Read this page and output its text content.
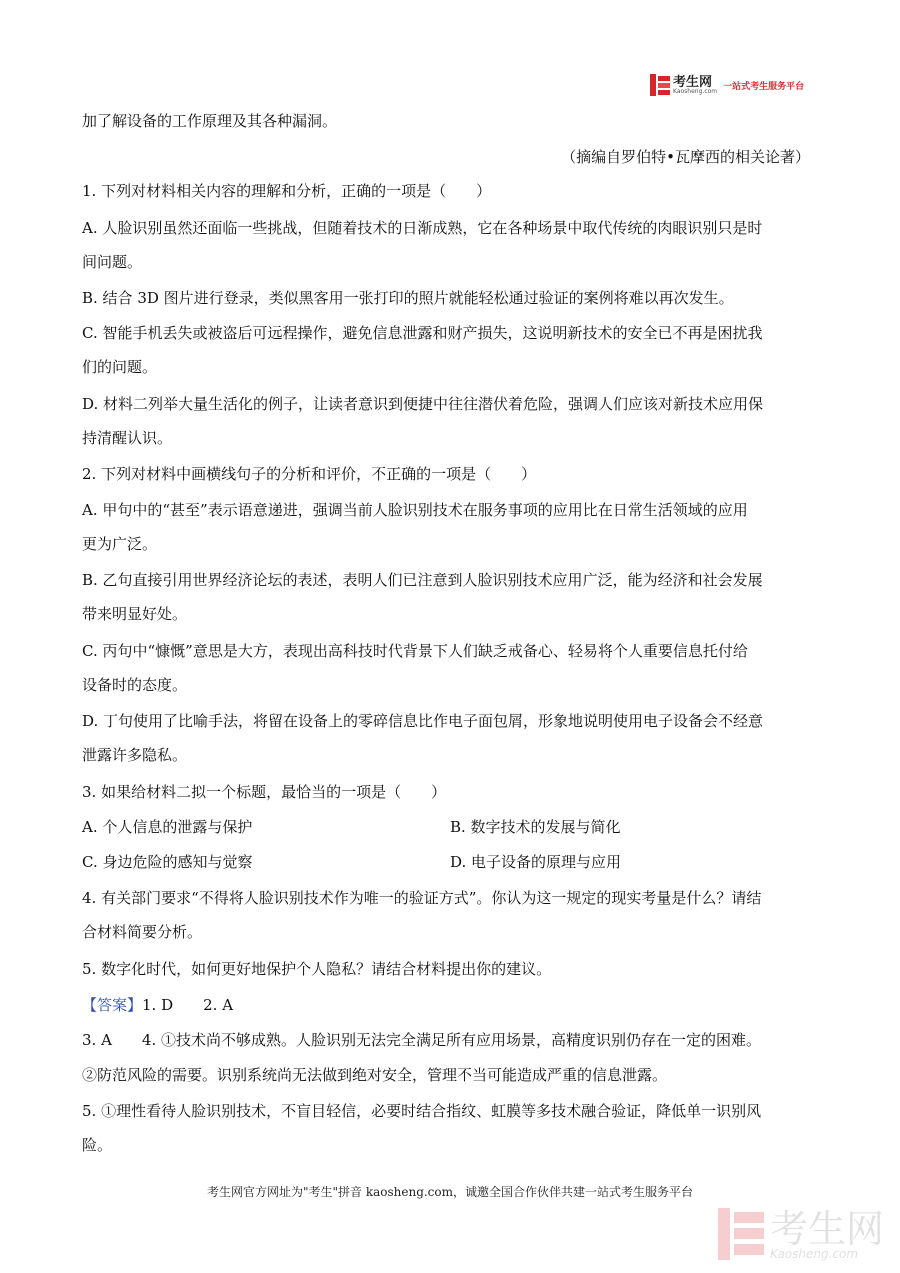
考生网
Kaosheng.com 一站式考生服务平台
加了解设备的工作原理及其各种漏洞。
（摘编自罗伯特•瓦摩西的相关论著）
1. 下列对材料相关内容的理解和分析，正确的一项是（　　）
A. 人脸识别虽然还面临一些挑战，但随着技术的日渐成熟，它在各种场景中取代传统的肉眼识别只是时
间问题。
B. 结合 3D 图片进行登录，类似黑客用一张打印的照片就能轻松通过验证的案例将难以再次发生。
C. 智能手机丢失或被盗后可远程操作，避免信息泄露和财产损失，这说明新技术的安全已不再是困扰我
们的问题。
D. 材料二列举大量生活化的例子，让读者意识到便捷中往往潜伏着危险，强调人们应该对新技术应用保
持清醒认识。
2. 下列对材料中画横线句子的分析和评价，不正确的一项是（　　）
A. 甲句中的“甚至”表示语意递进，强调当前人脸识别技术在服务事项的应用比在日常生活领域的应用
更为广泛。
B. 乙句直接引用世界经济论坛的表述，表明人们已注意到人脸识别技术应用广泛，能为经济和社会发展
带来明显好处。
C. 丙句中“慷慨”意思是大方，表现出高科技时代背景下人们缺乏戒备心、轻易将个人重要信息托付给
设备时的态度。
D. 丁句使用了比喻手法，将留在设备上的零碎信息比作电子面包屑，形象地说明使用电子设备会不经意
泄露许多隐私。
3. 如果给材料二拟一个标题，最恰当的一项是（　　）
A. 个人信息的泄露与保护	B. 数字技术的发展与简化
C. 身边危险的感知与觉察	D. 电子设备的原理与应用
4. 有关部门要求“不得将人脸识别技术作为唯一的验证方式”。你认为这一规定的现实考量是什么？请结
合材料简要分析。
5. 数字化时代，如何更好地保护个人隐私？请结合材料提出你的建议。
【答案】1. D　　2. A
3. A　　4. ①技术尚不够成熟。人脸识别无法完全满足所有应用场景，高精度识别仍存在一定的困难。
②防范风险的需要。识别系统尚无法做到绝对安全，管理不当可能造成严重的信息泄露。
5. ①理性看待人脸识别技术，不盲目轻信，必要时结合指纹、虹膜等多技术融合验证，降低单一识别风
险。
考生网官方网址为"考生"拼音 kaosheng.com，诚邀全国合作伙伴共建一站式考生服务平台
考生网
Kaosheng.com
